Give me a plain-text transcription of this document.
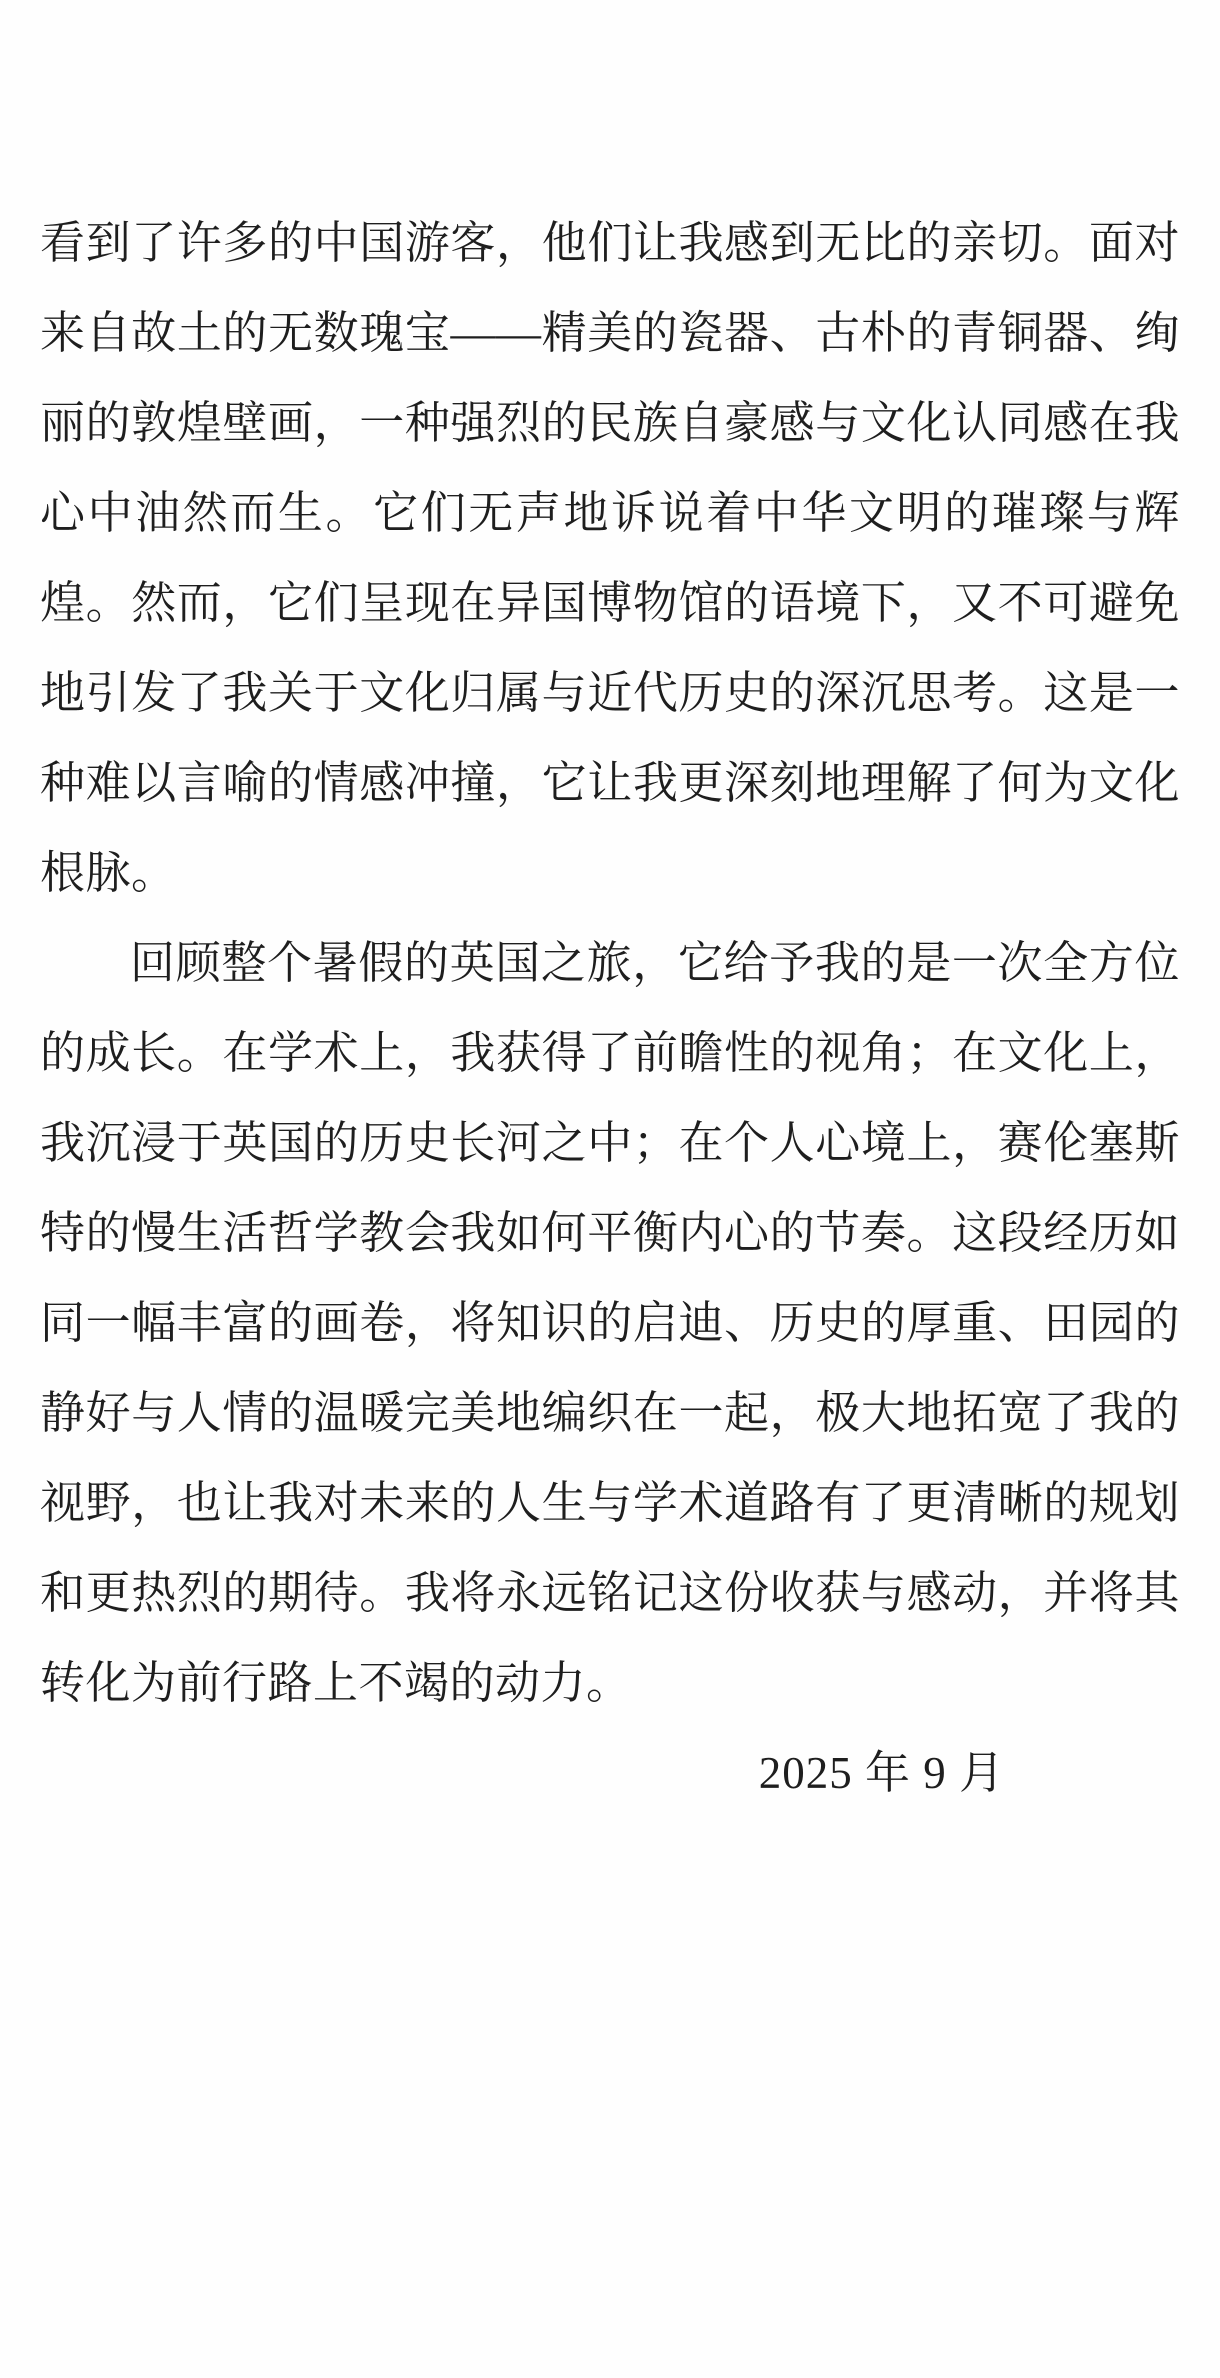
看到了许多的中国游客，他们让我感到无比的亲切。面对来自故土的无数瑰宝——精美的瓷器、古朴的青铜器、绚丽的敦煌壁画，一种强烈的民族自豪感与文化认同感在我心中油然而生。它们无声地诉说着中华文明的璀璨与辉煌。然而，它们呈现在异国博物馆的语境下，又不可避免地引发了我关于文化归属与近代历史的深沉思考。这是一种难以言喻的情感冲撞，它让我更深刻地理解了何为文化根脉。

回顾整个暑假的英国之旅，它给予我的是一次全方位的成长。在学术上，我获得了前瞻性的视角；在文化上，我沉浸于英国的历史长河之中；在个人心境上，赛伦塞斯特的慢生活哲学教会我如何平衡内心的节奏。这段经历如同一幅丰富的画卷，将知识的启迪、历史的厚重、田园的静好与人情的温暖完美地编织在一起，极大地拓宽了我的视野，也让我对未来的人生与学术道路有了更清晰的规划和更热烈的期待。我将永远铭记这份收获与感动，并将其转化为前行路上不竭的动力。

2025 年 9 月
